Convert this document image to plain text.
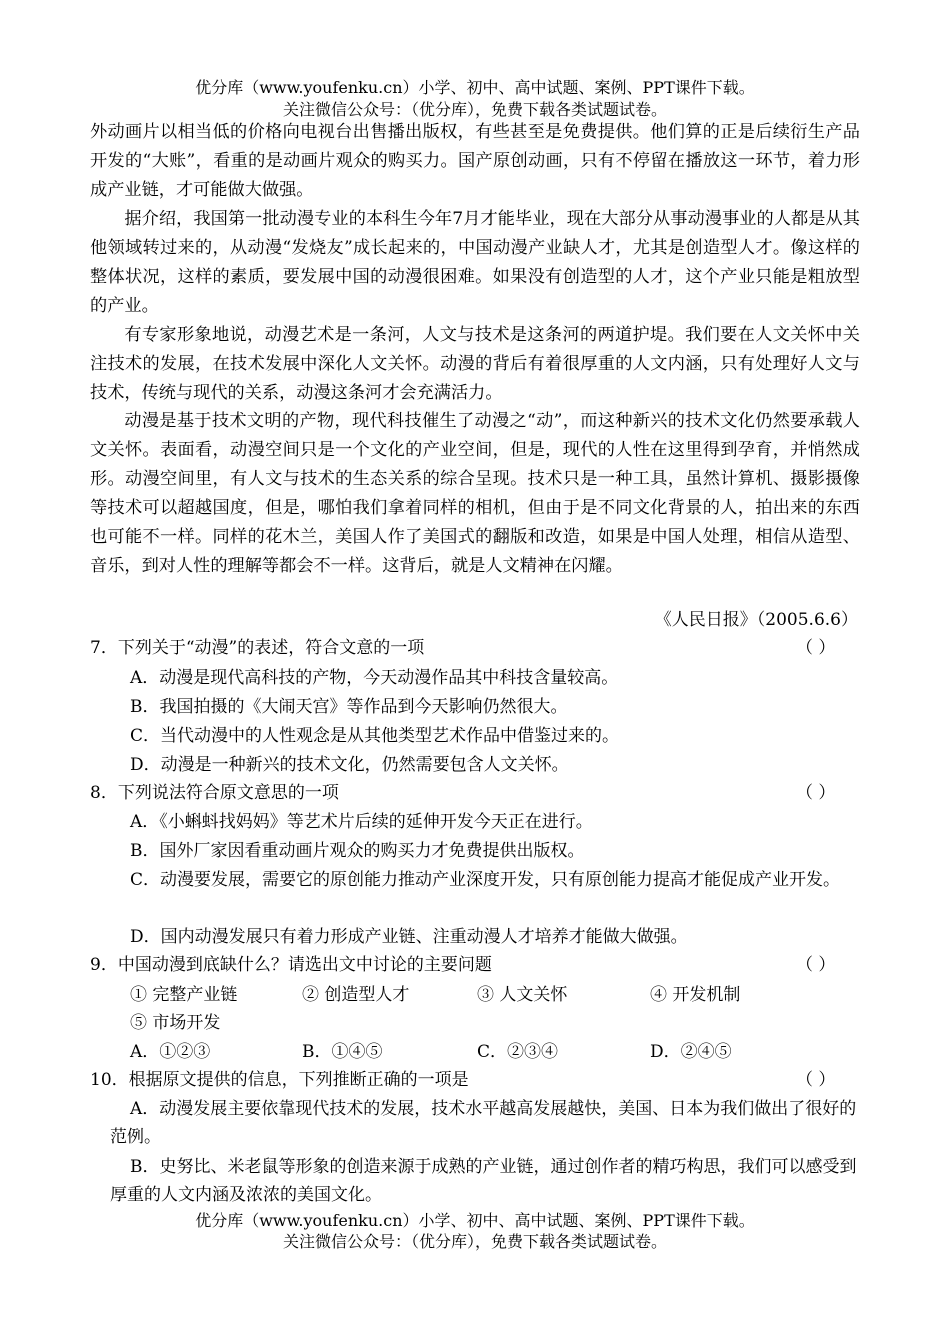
优分库（www.youfenku.cn）小学、初中、高中试题、案例、PPT课件下载。
关注微信公众号：（优分库），免费下载各类试题试卷。
外动画片以相当低的价格向电视台出售播出版权，有些甚至是免费提供。他们算的正是后续衍生产品开发的“大账”，看重的是动画片观众的购买力。国产原创动画，只有不停留在播放这一环节，着力形成产业链，才可能做大做强。
据介绍，我国第一批动漫专业的本科生今年7月才能毕业，现在大部分从事动漫事业的人都是从其他领域转过来的，从动漫“发烧友”成长起来的，中国动漫产业缺人才，尤其是创造型人才。像这样的整体状况，这样的素质，要发展中国的动漫很困难。如果没有创造型的人才，这个产业只能是粗放型的产业。
有专家形象地说，动漫艺术是一条河，人文与技术是这条河的两道护堤。我们要在人文关怀中关注技术的发展，在技术发展中深化人文关怀。动漫的背后有着很厚重的人文内涵，只有处理好人文与技术，传统与现代的关系，动漫这条河才会充满活力。
动漫是基于技术文明的产物，现代科技催生了动漫之“动”，而这种新兴的技术文化仍然要承载人文关怀。表面看，动漫空间只是一个文化的产业空间，但是，现代的人性在这里得到孕育，并悄然成形。动漫空间里，有人文与技术的生态关系的综合呈现。技术只是一种工具，虽然计算机、摄影摄像等技术可以超越国度，但是，哪怕我们拿着同样的相机，但由于是不同文化背景的人，拍出来的东西也可能不一样。同样的花木兰，美国人作了美国式的翻版和改造，如果是中国人处理，相信从造型、音乐，到对人性的理解等都会不一样。这背后，就是人文精神在闪耀。
《人民日报》（2005.6.6）
7．下列关于“动漫”的表述，符合文意的一项	（ ）
A．动漫是现代高科技的产物，今天动漫作品其中科技含量较高。
B．我国拍摄的《大闹天宫》等作品到今天影响仍然很大。
C．当代动漫中的人性观念是从其他类型艺术作品中借鉴过来的。
D．动漫是一种新兴的技术文化，仍然需要包含人文关怀。
8．下列说法符合原文意思的一项	（ ）
A．《小蝌蚪找妈妈》等艺术片后续的延伸开发今天正在进行。
B．国外厂家因看重动画片观众的购买力才免费提供出版权。
C．动漫要发展，需要它的原创能力推动产业深度开发，只有原创能力提高才能促成产业开发。
D．国内动漫发展只有着力形成产业链、注重动漫人才培养才能做大做强。
9．中国动漫到底缺什么？请选出文中讨论的主要问题	（ ）
① 完整产业链	② 创造型人才	③ 人文关怀	④ 开发机制
⑤ 市场开发
A．①②③	B．①④⑤	C．②③④	D．②④⑤
10．根据原文提供的信息，下列推断正确的一项是	（ ）
A．动漫发展主要依靠现代技术的发展，技术水平越高发展越快，美国、日本为我们做出了很好的范例。
B．史努比、米老鼠等形象的创造来源于成熟的产业链，通过创作者的精巧构思，我们可以感受到厚重的人文内涵及浓浓的美国文化。
优分库（www.youfenku.cn）小学、初中、高中试题、案例、PPT课件下载。
关注微信公众号：（优分库），免费下载各类试题试卷。
